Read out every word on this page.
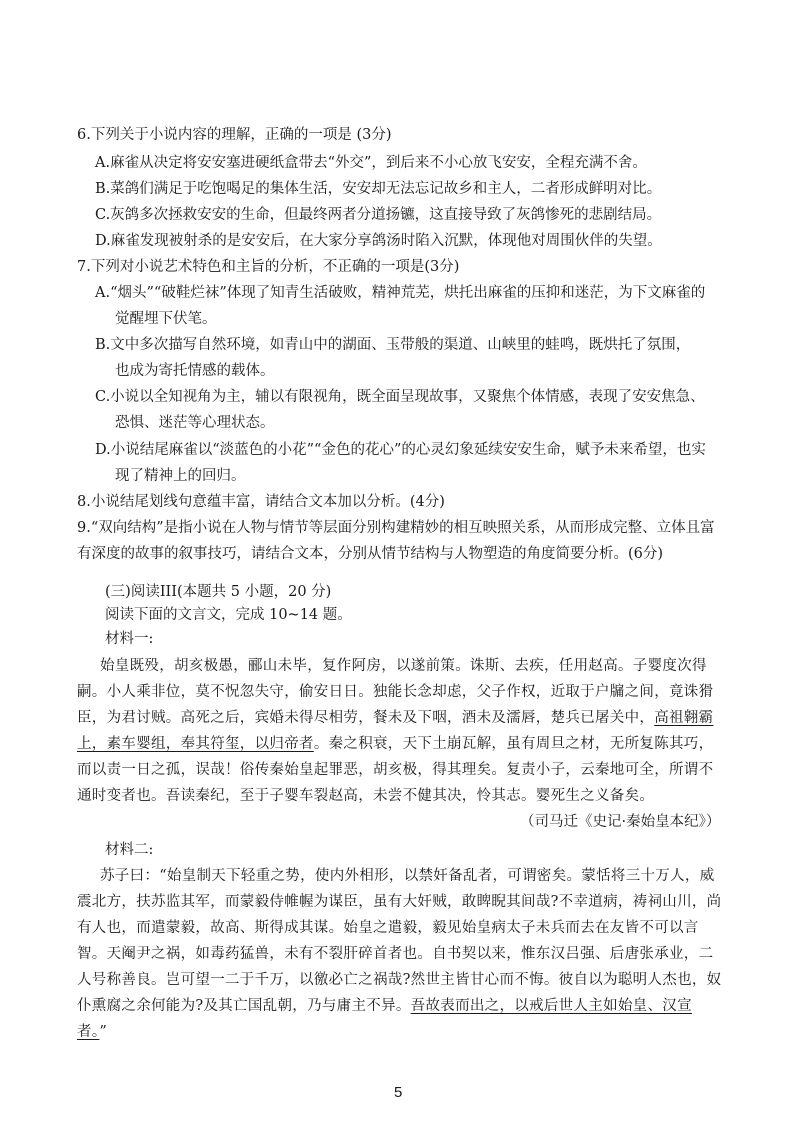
6.下列关于小说内容的理解，正确的一项是 (3分)
A.麻雀从决定将安安塞进硬纸盒带去“外交”，到后来不小心放飞安安，全程充满不舍。
B.菜鸽们满足于吃饱喝足的集体生活，安安却无法忘记故乡和主人，二者形成鲜明对比。
C.灰鸽多次拯救安安的生命，但最终两者分道扬镳，这直接导致了灰鸽惨死的悲剧结局。
D.麻雀发现被射杀的是安安后，在大家分享鸽汤时陷入沉默，体现他对周围伙伴的失望。
7.下列对小说艺术特色和主旨的分析，不正确的一项是(3分)
A.“烟头”“破鞋烂袜”体现了知青生活破败，精神荒芜，烘托出麻雀的压抑和迷茫，为下文麻雀的
觉醒埋下伏笔。
B.文中多次描写自然环境，如青山中的湖面、玉带般的渠道、山峡里的蛙鸣，既烘托了氛围，
也成为寄托情感的载体。
C.小说以全知视角为主，辅以有限视角，既全面呈现故事，又聚焦个体情感，表现了安安焦急、
恐惧、迷茫等心理状态。
D.小说结尾麻雀以“淡蓝色的小花”“金色的花心”的心灵幻象延续安安生命，赋予未来希望，也实
现了精神上的回归。
8.小说结尾划线句意蕴丰富，请结合文本加以分析。(4分)
9.“双向结构”是指小说在人物与情节等层面分别构建精妙的相互映照关系，从而形成完整、立体且富
有深度的故事的叙事技巧，请结合文本，分别从情节结构与人物塑造的角度简要分析。(6分)
(三)阅读III(本题共 5 小题，20 分)
阅读下面的文言文，完成 10~14 题。
材料一:
始皇既殁，胡亥极愚，郦山未毕，复作阿房，以遂前策。诛斯、去疾，任用赵高。子婴度次得
嗣。小人乘非位，莫不怳忽失守，偷安日日。独能长念却虑，父子作权，近取于户牖之间，竟诛猾
臣，为君讨贼。高死之后，宾婚未得尽相劳，餐未及下咽，酒未及濡唇，楚兵已屠关中，高祖翱霸
上，素车婴组，奉其符玺，以归帝者。秦之积衰，天下土崩瓦解，虽有周旦之材，无所复陈其巧，
而以责一日之孤，误哉！俗传秦始皇起罪恶，胡亥极，得其理矣。复责小子，云秦地可全，所谓不
通时变者也。吾读秦纪，至于子婴车裂赵高，未尝不健其决，怜其志。婴死生之义备矣。
（司马迁《史记·秦始皇本纪》）
材料二:
苏子曰：“始皇制天下轻重之势，使内外相形，以禁奸备乱者，可谓密矣。蒙恬将三十万人，威
震北方，扶苏监其军，而蒙毅侍帷幄为谋臣，虽有大奸贼，敢睥睨其间哉?不幸道病，祷祠山川，尚
有人也，而遣蒙毅，故高、斯得成其谋。始皇之遣毅，毅见始皇病太子未兵而去在友皆不可以言
智。天阉尹之祸，如毒药猛兽，未有不裂肝碎首者也。自书契以来，惟东汉吕强、后唐张承业，二
人号称善良。岂可望一二于千万，以徼必亡之祸哉?然世主皆甘心而不悔。彼自以为聪明人杰也，奴
仆熏腐之余何能为?及其亡国乱朝，乃与庸主不异。吾故表而出之，以戒后世人主如始皇、汉宣
者。”
5
